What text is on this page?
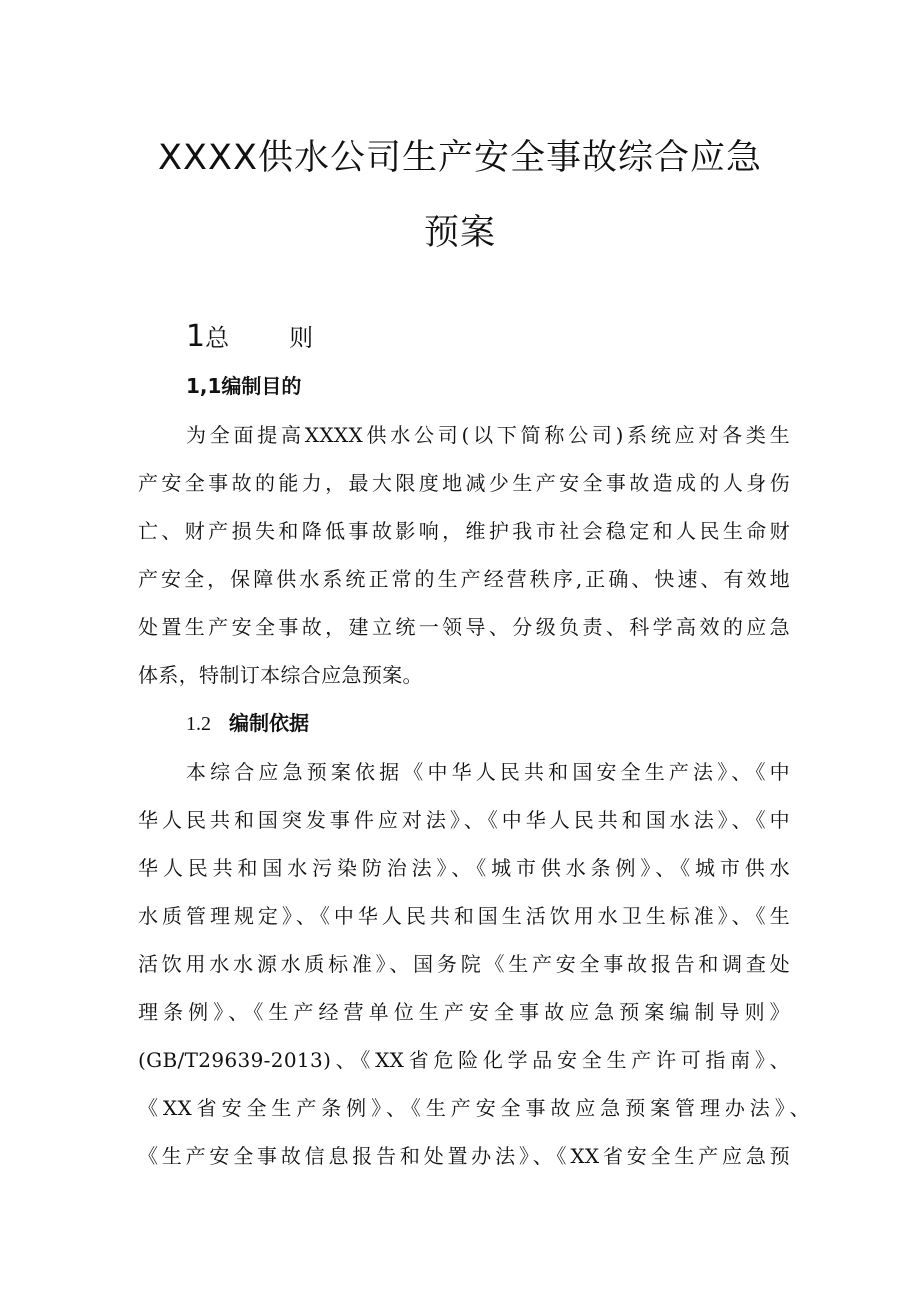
XXXX供水公司生产安全事故综合应急
预案
1总	则
1,1编制目的

为全面提高XXXX供水公司(以下简称公司)系统应对各类生

产安全事故的能力，最大限度地减少生产安全事故造成的人身伤

亡、财产损失和降低事故影响，维护我市社会稳定和人民生命财

产安全，保障供水系统正常的生产经营秩序,正确、快速、有效地

处置生产安全事故，建立统一领导、分级负责、科学高效的应急

体系，特制订本综合应急预案。

1.2 编制依据

本综合应急预案依据《中华人民共和国安全生产法》、《中

华人民共和国突发事件应对法》、《中华人民共和国水法》、《中

华人民共和国水污染防治法》、《城市供水条例》、《城市供水

水质管理规定》、《中华人民共和国生活饮用水卫生标准》、《生

活饮用水水源水质标准》、国务院《生产安全事故报告和调查处

理条例》、《生产经营单位生产安全事故应急预案编制导则》

(GB/T29639-2013)、《XX省危险化学品安全生产许可指南》、

《XX省安全生产条例》、《生产安全事故应急预案管理办法》、

《生产安全事故信息报告和处置办法》、《XX省安全生产应急预
